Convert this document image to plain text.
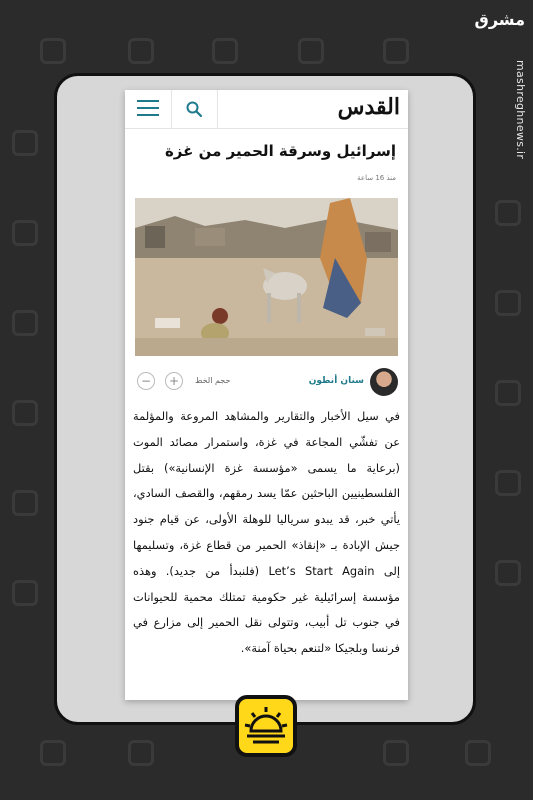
مشرق
mashreghnews.ir
القدس
إسرائيل وسرقة الحمير من غزة
منذ 16 ساعة
سنان أنطون
حجم الخط
+
−

في سيل الأخبار والتقارير والمشاهد المروعة والمؤلمة عن تفشّي المجاعة في غزة، واستمرار مصائد الموت (برعاية ما يسمى «مؤسسة غزة الإنسانية») بقتل الفلسطينيين الباحثين عمّا يسد رمقهم، والقصف السادي، يأتي خبر، قد يبدو سرياليا للوهلة الأولى، عن قيام جنود جيش الإبادة بـ «إنقاذ» الحمير من قطاع غزة، وتسليمها إلى Let’s Start Again (فلنبدأ من جديد). وهذه مؤسسة إسرائيلية غير حكومية تمتلك محمية للحيوانات في جنوب تل أبيب، وتتولى نقل الحمير إلى مزارع في فرنسا وبلجيكا «لتنعم بحياة آمنة».
